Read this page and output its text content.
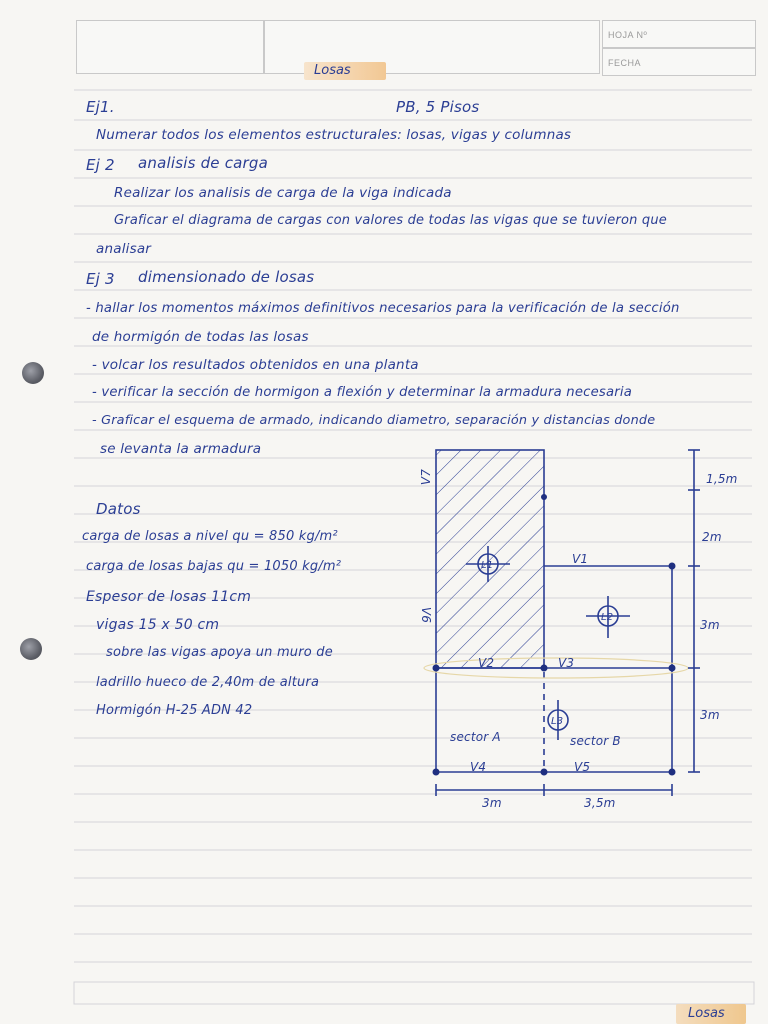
HOJA Nº
FECHA
Losas
Ej1.	PB, 5 Pisos
Numerar todos los elementos estructurales: losas, vigas y columnas
Ej 2 analisis de carga
Realizar los analisis de carga de la viga indicada
Graficar el diagrama de cargas con valores de todas las vigas que se tuvieron que
analisar
Ej 3 dimensionado de losas
- hallar los momentos máximos definitivos necesarios para la verificación de la sección
de hormigón de todas las losas
- volcar los resultados obtenidos en una planta
- verificar la sección de hormigon a flexión y determinar la armadura necesaria
- Graficar el esquema de armado, indicando diametro, separación y distancias donde
se levanta la armadura
Datos
carga de losas a nivel qu = 850 kg/m²
carga de losas bajas qu = 1050 kg/m²
Espesor de losas 11cm
vigas 15 x 50 cm
sobre las vigas apoya un muro de
ladrillo hueco de 2,40m de altura
Hormigón H-25 ADN 42
V7
V6
V1
V2	V3
V4	V5
L1
L2
L3
sector A	sector B
1,5m
2m
3m
3m
3m	3,5m
Losas
